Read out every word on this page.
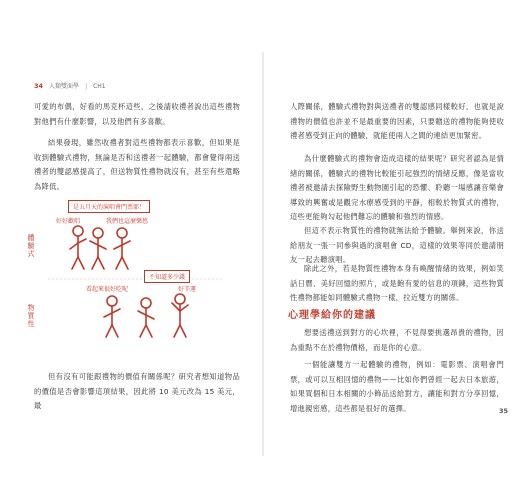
34 人類雙面學 | CH1

可愛的布偶，好看的馬克杯這些，之後請收禮者說出這些禮物對他們有什麼影響，以及他們有多喜歡。

結果發現，雖然收禮者對這些禮物都表示喜歡，但如果是收到體驗式禮物，無論是否和送禮者一起體驗，都會覺得兩送禮者的雙認感提高了，但送物質性禮物就沒有，甚至有些還略為降低。

體驗式
物質性
是五月天的演唱會門票耶！
好好歡唱	我們也這麼樂悠
看起來很好吃呢
不知道多少錢
好辛運

但有沒有可能跟禮物的價值有關係呢？研究者想知道物品的價值是否會影響這項結果，因此將 10 美元改為 15 美元，最

人際關係，體驗式禮物對與送禮者的雙認感同樣較好，也就是說禮物的價值也許並不是最重要的因素，只要贈送的禮物能夠使收禮者感受到正向的體驗，就能使兩人之間的連結更加緊密。

為什麼體驗式的禮物會造成這樣的結果呢？研究者認為是情緒的關係，體驗式的禮物比較能引起強烈的情緒反應，像是當收禮者被邀請去探險野生動物園引起的恐懼、聆聽一場感讓音樂會導致的興奮或是觀完水療感受到的平靜，相較於物質式的禮物，這些更能夠勾起他們難忘的體驗和強烈的情感。

但這不表示物質性的禮物就無法給予體驗。舉例來說，你送給朋友一張一同參與過的演唱會 CD，這樣的效果等同於邀請朋友一起去聽演唱。

除此之外，若是物質性禮物本身有喚醒情緒的效果，例如笑話日曆、美好回憶的照片，或是飽有愛的信息的項鍊，這些物質性禮物都能如同體驗式禮物一樣，拉近雙方的關係。

心理學給你的建議

想要送禮送到對方的心坎裡，不見得要挑選昂貴的禮物，因為重點不在於禮物價格，而是你的心意。

一個能讓雙方一起體驗的禮物，例如：電影票、演唱會門票，或可以互相回憶的禮物——比如你們曾經一起去日本旅遊，如果買個和日本相關的小飾品送給對方，讓能和對方分享回憶，增進親密感，這些都是很好的選擇。	35
